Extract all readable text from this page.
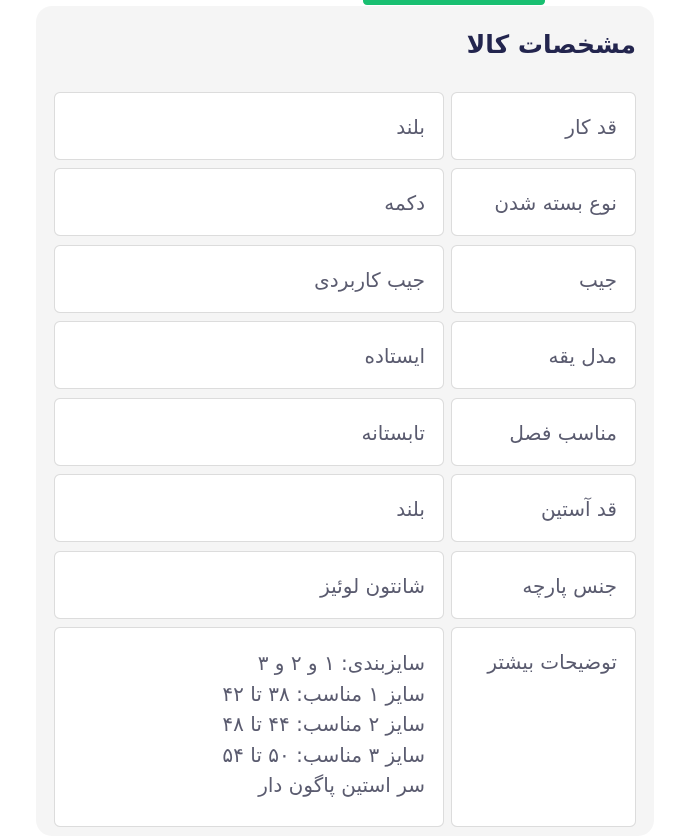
مشخصات کالا
قد کار
بلند
نوع بسته شدن
دکمه
جیب
جیب کاربردی
مدل یقه
ایستاده
مناسب فصل
تابستانه
قد آستین
بلند
جنس پارچه
شانتون لوئیز
توضیحات بیشتر
سایزبندی: ۱ و ۲ و ۳
سایز ۱ مناسب: ۳۸ تا ۴۲
سایز ۲ مناسب: ۴۴ تا ۴۸
سایز ۳ مناسب: ۵۰ تا ۵۴
سر استین پاگون دار
